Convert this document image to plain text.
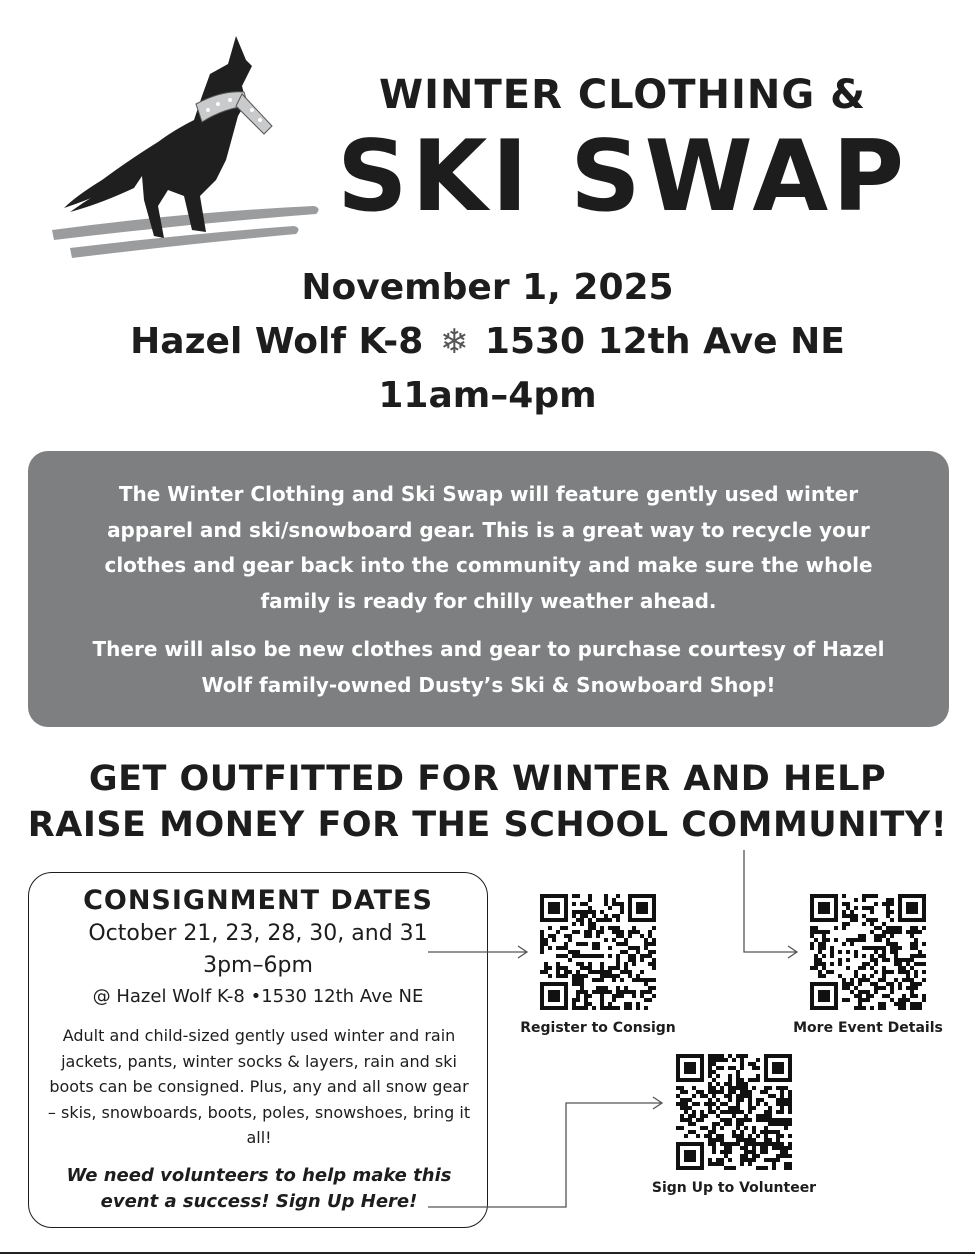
WINTER CLOTHING &
SKI SWAP
November 1, 2025
Hazel Wolf K-8 ❄ 1530 12th Ave NE
11am–4pm

The Winter Clothing and Ski Swap will feature gently used winter apparel and ski/snowboard gear. This is a great way to recycle your clothes and gear back into the community and make sure the whole family is ready for chilly weather ahead.

There will also be new clothes and gear to purchase courtesy of Hazel Wolf family-owned Dusty’s Ski & Snowboard Shop!

GET OUTFITTED FOR WINTER AND HELP
RAISE MONEY FOR THE SCHOOL COMMUNITY!
CONSIGNMENT DATES
October 21, 23, 28, 30, and 31
3pm–6pm
@ Hazel Wolf K-8 •1530 12th Ave NE

Adult and child-sized gently used winter and rain jackets, pants, winter socks & layers, rain and ski boots can be consigned. Plus, any and all snow gear – skis, snowboards, boots, poles, snowshoes, bring it all!

We need volunteers to help make this event a success! Sign Up Here!

Register to Consign	More Event Details
Sign Up to Volunteer
